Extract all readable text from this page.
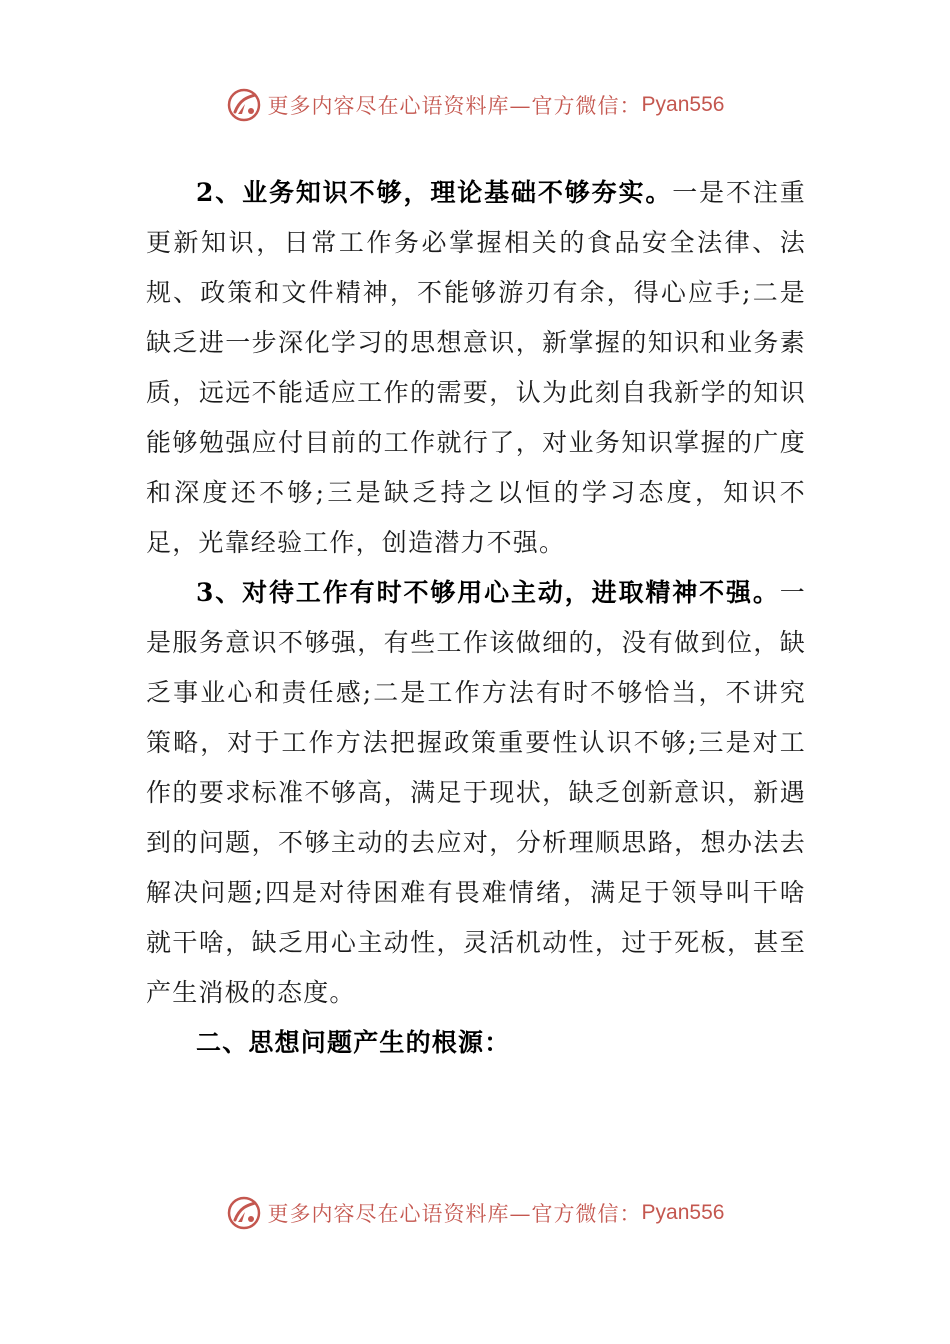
更多内容尽在心语资料库—官方微信： Pyan556

2、业务知识不够，理论基础不够夯实。一是不注重更新知识，日常工作务必掌握相关的食品安全法律、法规、政策和文件精神，不能够游刃有余，得心应手;二是缺乏进一步深化学习的思想意识，新掌握的知识和业务素质，远远不能适应工作的需要，认为此刻自我新学的知识能够勉强应付目前的工作就行了，对业务知识掌握的广度和深度还不够;三是缺乏持之以恒的学习态度，知识不足，光靠经验工作，创造潜力不强。

3、对待工作有时不够用心主动，进取精神不强。一是服务意识不够强，有些工作该做细的，没有做到位，缺乏事业心和责任感;二是工作方法有时不够恰当，不讲究策略，对于工作方法把握政策重要性认识不够;三是对工作的要求标准不够高，满足于现状，缺乏创新意识，新遇到的问题，不够主动的去应对，分析理顺思路，想办法去解决问题;四是对待困难有畏难情绪，满足于领导叫干啥就干啥，缺乏用心主动性，灵活机动性，过于死板，甚至产生消极的态度。

二、思想问题产生的根源：

更多内容尽在心语资料库—官方微信： Pyan556
